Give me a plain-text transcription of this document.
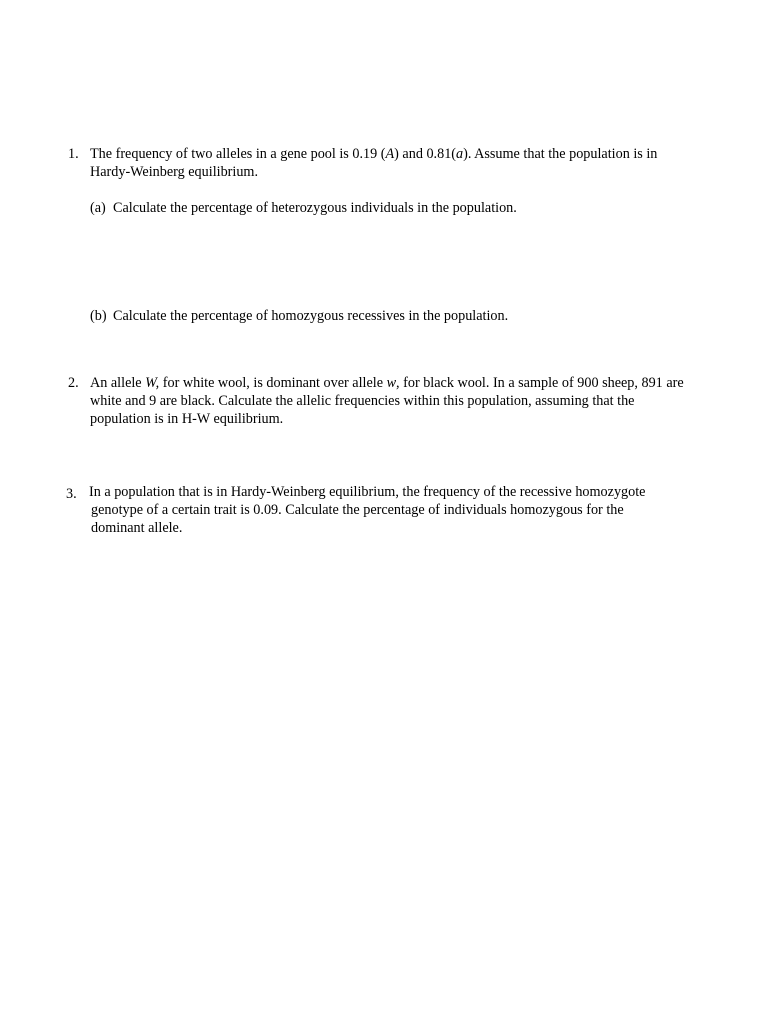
1. The frequency of two alleles in a gene pool is 0.19 (A) and 0.81(a). Assume that the population is in
Hardy-Weinberg equilibrium.
(a) Calculate the percentage of heterozygous individuals in the population.
(b) Calculate the percentage of homozygous recessives in the population.
2. An allele W, for white wool, is dominant over allele w, for black wool. In a sample of 900 sheep, 891 are
white and 9 are black. Calculate the allelic frequencies within this population, assuming that the
population is in H-W equilibrium.
3. In a population that is in Hardy-Weinberg equilibrium, the frequency of the recessive homozygote
genotype of a certain trait is 0.09. Calculate the percentage of individuals homozygous for the
dominant allele.
